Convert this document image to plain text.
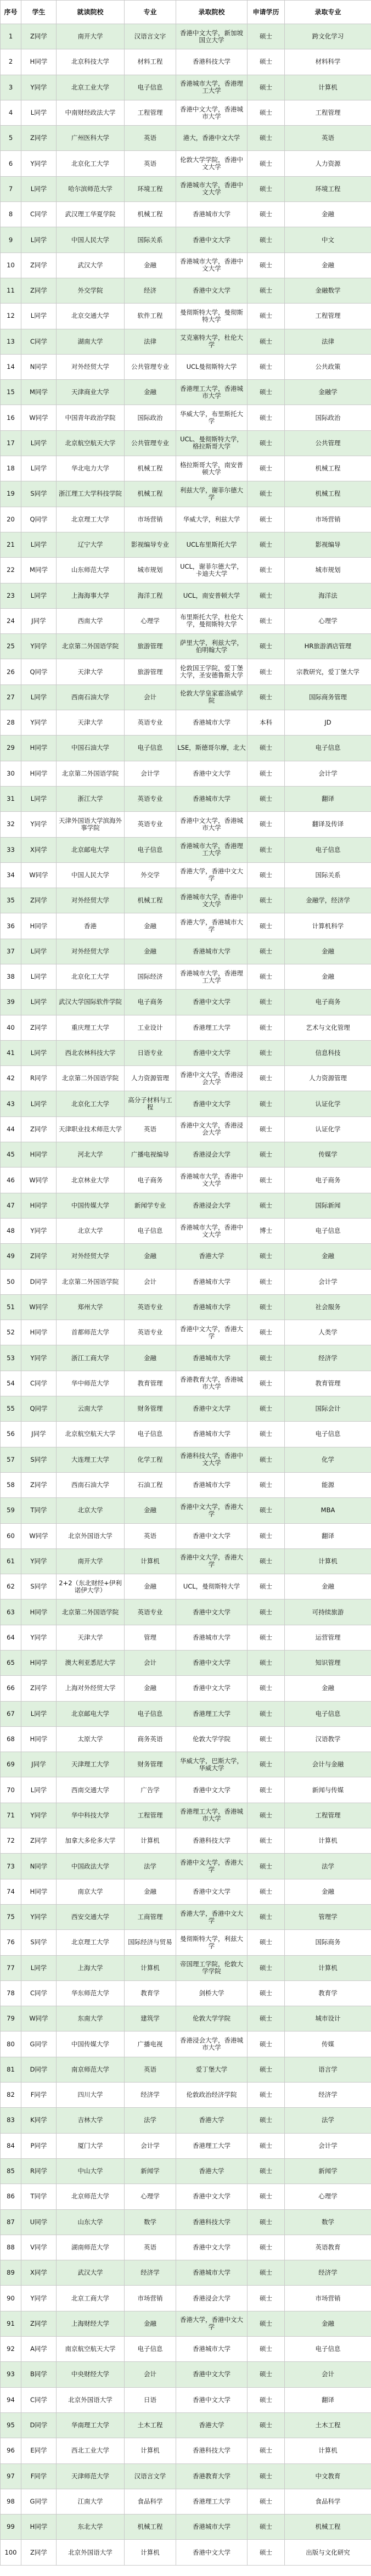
序号	学生	就读院校	专业	录取院校	申请学历	录取专业
1	Z同学	南开大学	汉语言文字	香港中文大学，新加坡国立大学	硕士	跨文化学习
2	H同学	北京科技大学	材料工程	香港科技大学	硕士	材料科学
3	Y同学	北京工业大学	电子信息	香港城市大学，香港理工大学	硕士	计算机
4	L同学	中南财经政法大学	工程管理	香港中文大学，香港城市大学	硕士	工程管理
5	Z同学	广州医科大学	英语	港大，香港中文大学	硕士	英语
6	Y同学	北京化工大学	英语	伦敦大学学院，香港中文大学	硕士	人力资源
7	L同学	哈尔滨师范大学	环境工程	香港城市大学，香港中文大学	硕士	环境工程
8	C同学	武汉理工华夏学院	机械工程	香港城市大学	硕士	金融
9	L同学	中国人民大学	国际关系	香港中文大学	硕士	中文
10	Z同学	武汉大学	金融	香港城市大学，香港中文大学	硕士	金融
11	Z同学	外交学院	经济	香港中文大学	硕士	金融数学
12	L同学	北京交通大学	软件工程	曼彻斯特大学，曼彻斯特大学	硕士	工程管理
13	C同学	湖南大学	法律	艾克塞特大学，杜伦大学	硕士	法律
14	N同学	对外经贸大学	公共管理专业	UCL曼彻斯特大学	硕士	公共政策
15	M同学	天津商业大学	金融	香港理工大学，香港城市大学	硕士	金融学
16	W同学	中国青年政治学院	国际政治	华威大学，布里斯托大学	硕士	国际政治
17	L同学	北京航空航天大学	公共管理专业	UCL、曼彻斯特大学，格拉斯哥大学	硕士	公共管理
18	L同学	华北电力大学	机械工程	格拉斯哥大学，南安普顿大学	硕士	机械工程
19	S同学	浙江理工大学科技学院	机械工程	利兹大学，谢菲尔德大学	硕士	机械工程
20	Q同学	北京理工大学	市场营销	华威大学，利兹大学	硕士	市场营销
21	L同学	辽宁大学	影视编导专业	UCL布里斯托大学	硕士	影视编导
22	M同学	山东师范大学	城市规划	UCL，谢菲尔德大学，卡迪夫大学	硕士	城市规划
23	L同学	上海海事大学	海洋工程	UCL，南安普顿大学	硕士	海洋法
24	J同学	西南大学	心理学	布里斯托大学，杜伦大学，曼彻斯特大学	硕士	心理学
25	Y同学	北京第二外国语学院	旅游管理	萨里大学，利兹大学，伯明翰大学	硕士	HR旅游酒店管理
26	Q同学	天津大学	旅游管理	伦敦国王学院，爱丁堡大学，圣安德鲁斯大学	硕士	宗教研究，爱丁堡大学
27	L同学	西南石油大学	会计	伦敦大学皇家霍洛威学院	硕士	国际商务管理
28	Y同学	天津大学	英语专业	香港城市大学	本科	JD
29	H同学	中国石油大学	电子信息	LSE，斯德哥尔摩，北大	硕士	电子信息
30	H同学	北京第二外国语学院	会计学	香港中文大学	硕士	会计学
31	L同学	浙江大学	英语专业	香港城市大学	硕士	翻译
32	Y同学	天津外国语大学滨海外事学院	英语专业	香港中文大学，香港城市大学	硕士	翻译及传译
33	X同学	北京邮电大学	电子信息	香港城市大学，香港理工大学	硕士	电子信息
34	W同学	中国人民大学	外交学	香港大学，香港中文大学	硕士	国际关系
35	Z同学	对外经贸大学	机械工程	香港城市大学，香港中文大学	硕士	金融学，经济学
36	H同学	香港	金融	香港大学，香港城市大学	硕士	计算机科学
37	L同学	对外经贸大学	金融	香港城市大学	硕士	金融
38	L同学	北京化工大学	国际经济	香港城市大学，香港理工大学	硕士	金融
39	L同学	武汉大学国际软件学院	电子商务	香港中文大学	硕士	电子商务
40	Z同学	重庆理工大学	工业设计	香港理工大学	硕士	艺术与文化管理
41	L同学	西北农林科技大学	日语专业	香港中文大学	硕士	信息科技
42	R同学	北京第二外国语学院	人力资源管理	香港中文大学，香港浸会大学	硕士	人力资源管理
43	L同学	北京化工大学	高分子材料与工程	香港中文大学	硕士	认证化学
44	Z同学	天津职业技术师范大学	英语	香港中文大学，香港浸会大学	硕士	认证化学
45	H同学	河北大学	广播电视编导	香港浸会大学	硕士	传媒学
46	W同学	北京林业大学	电子商务	香港城市大学，香港中文大学	硕士	电子商务
47	H同学	中国传媒大学	新闻学专业	香港浸会大学	硕士	国际新闻
48	Y同学	北京大学	电子信息	香港城市大学，香港中文大学	博士	电子信息
49	Z同学	对外经贸大学	金融	香港大学	硕士	金融
50	D同学	北京第二外国语学院	会计	香港城市大学	硕士	会计学
51	W同学	郑州大学	英语专业	香港城市大学	硕士	社会服务
52	H同学	首都师范大学	英语专业	香港中文大学，香港大学	硕士	人类学
53	Y同学	浙江工商大学	金融	香港城市大学	硕士	经济学
54	C同学	华中师范大学	教育管理	香港教育大学，香港城市大学	硕士	教育管理
55	Q同学	云南大学	财务管理	香港中文大学	硕士	国际会计
56	J同学	北京航空航天大学	电子信息	香港城市大学	硕士	电子信息
57	S同学	大连理工大学	化学工程	香港科技大学，香港中文大学	硕士	化学
58	Z同学	西南石油大学	石油工程	香港城市大学	硕士	能源
59	T同学	北京大学	金融	香港中文大学，香港大学	硕士	MBA
60	W同学	北京外国语大学	英语	香港中文大学	硕士	翻译
61	Y同学	南开大学	计算机	香港中文大学，香港大学	硕士	计算机
62	S同学	2+2（东北财经+伊利诺伊大学）	金融	UCL，曼彻斯特大学	硕士	金融
63	H同学	北京第二外国语学院	英语专业	香港中文大学	硕士	可持续旅游
64	Y同学	天津大学	管理	香港城市大学	硕士	运营管理
65	H同学	澳大利亚悉尼大学	会计	香港中文大学	硕士	知识管理
66	Z同学	上海对外经贸大学	金融	香港中文大学	硕士	金融
67	L同学	北京邮电大学	电子信息	香港理工大学	硕士	电子信息
68	H同学	太原大学	商务英语	伦敦大学学院	硕士	汉语教学
69	J同学	天津理工大学	财务管理	华威大学，巴斯大学，华威大学	硕士	会计与金融
70	L同学	西南交通大学	广告学	香港中文大学	硕士	新闻与传媒
71	Y同学	华中科技大学	工程管理	香港理工大学，香港城市大学	硕士	工程管理
72	Z同学	加拿大多伦多大学	计算机	香港科技大学	硕士	计算机
73	N同学	中国政法大学	法学	香港中文大学，香港大学	硕士	法学
74	H同学	南京大学	金融	香港中文大学	硕士	金融
75	Y同学	西安交通大学	工商管理	香港大学，香港中文大学	硕士	管理学
76	S同学	北京理工大学	国际经济与贸易	曼彻斯特大学，利兹大学	硕士	国际商务
77	L同学	上海大学	计算机	帝国理工学院，伦敦大学学院	硕士	计算机
78	C同学	华东师范大学	教育学	剑桥大学	硕士	教育学
79	W同学	东南大学	建筑学	伦敦大学学院	硕士	城市设计
80	G同学	中国传媒大学	广播电视	香港浸会大学，香港城市大学	硕士	传媒
81	D同学	南京师范大学	英语	爱丁堡大学	硕士	语言学
82	F同学	四川大学	经济学	伦敦政治经济学院	硕士	经济学
83	K同学	吉林大学	法学	香港大学	硕士	法学
84	P同学	厦门大学	会计学	香港理工大学	硕士	会计学
85	R同学	中山大学	新闻学	香港大学	硕士	新闻学
86	T同学	北京师范大学	心理学	香港中文大学	硕士	心理学
87	U同学	山东大学	数学	香港科技大学	硕士	数学
88	V同学	湖南师范大学	英语	香港中文大学	硕士	英语教育
89	X同学	武汉大学	经济学	香港城市大学	硕士	经济学
90	Y同学	北京工商大学	市场营销	香港浸会大学	硕士	市场营销
91	Z同学	上海财经大学	金融	香港大学，香港中文大学	硕士	金融
92	A同学	南京航空航天大学	电子信息	香港城市大学	硕士	电子信息
93	B同学	中央财经大学	会计	香港中文大学	硕士	会计
94	C同学	北京外国语大学	日语	香港中文大学	硕士	翻译
95	D同学	华南理工大学	土木工程	香港大学	硕士	土木工程
96	E同学	西北工业大学	计算机	香港科技大学	硕士	计算机
97	F同学	天津师范大学	汉语言文学	香港教育大学	硕士	中文教育
98	G同学	江南大学	食品科学	香港理工大学	硕士	食品科学
99	H同学	东北大学	机械工程	香港城市大学	硕士	机械工程
100	Z同学	北京外国语大学	计算机	香港中文大学	硕士	出版与文化研究
